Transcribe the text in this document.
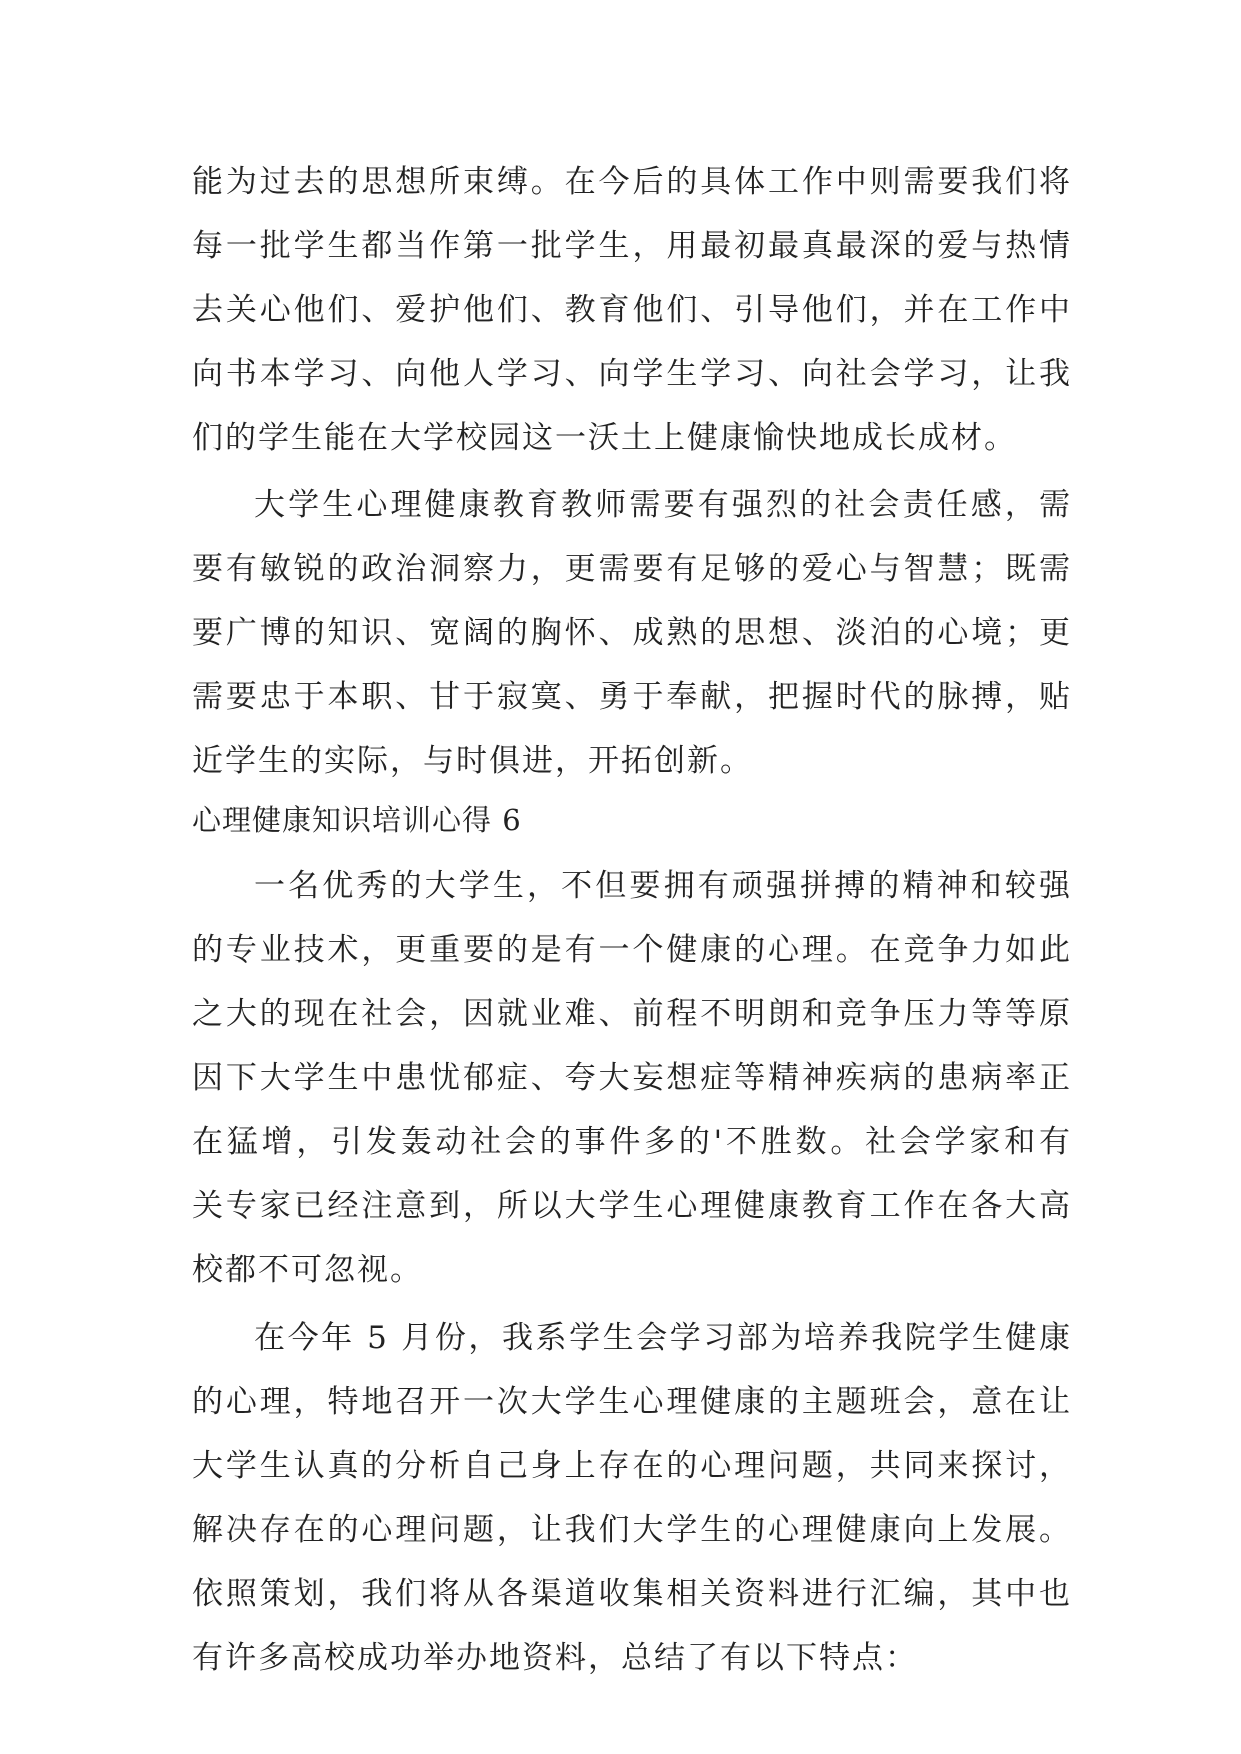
能为过去的思想所束缚。在今后的具体工作中则需要我们将
每一批学生都当作第一批学生，用最初最真最深的爱与热情
去关心他们、爱护他们、教育他们、引导他们，并在工作中
向书本学习、向他人学习、向学生学习、向社会学习，让我
们的学生能在大学校园这一沃土上健康愉快地成长成材。
大学生心理健康教育教师需要有强烈的社会责任感，需
要有敏锐的政治洞察力，更需要有足够的爱心与智慧；既需
要广博的知识、宽阔的胸怀、成熟的思想、淡泊的心境；更
需要忠于本职、甘于寂寞、勇于奉献，把握时代的脉搏，贴
近学生的实际，与时俱进，开拓创新。
心理健康知识培训心得 6
一名优秀的大学生，不但要拥有顽强拼搏的精神和较强
的专业技术，更重要的是有一个健康的心理。在竞争力如此
之大的现在社会，因就业难、前程不明朗和竞争压力等等原
因下大学生中患忧郁症、夸大妄想症等精神疾病的患病率正
在猛增，引发轰动社会的事件多的'不胜数。社会学家和有
关专家已经注意到，所以大学生心理健康教育工作在各大高
校都不可忽视。
在今年 5 月份，我系学生会学习部为培养我院学生健康
的心理，特地召开一次大学生心理健康的主题班会，意在让
大学生认真的分析自己身上存在的心理问题，共同来探讨，
解决存在的心理问题，让我们大学生的心理健康向上发展。
依照策划，我们将从各渠道收集相关资料进行汇编，其中也
有许多高校成功举办地资料，总结了有以下特点：
